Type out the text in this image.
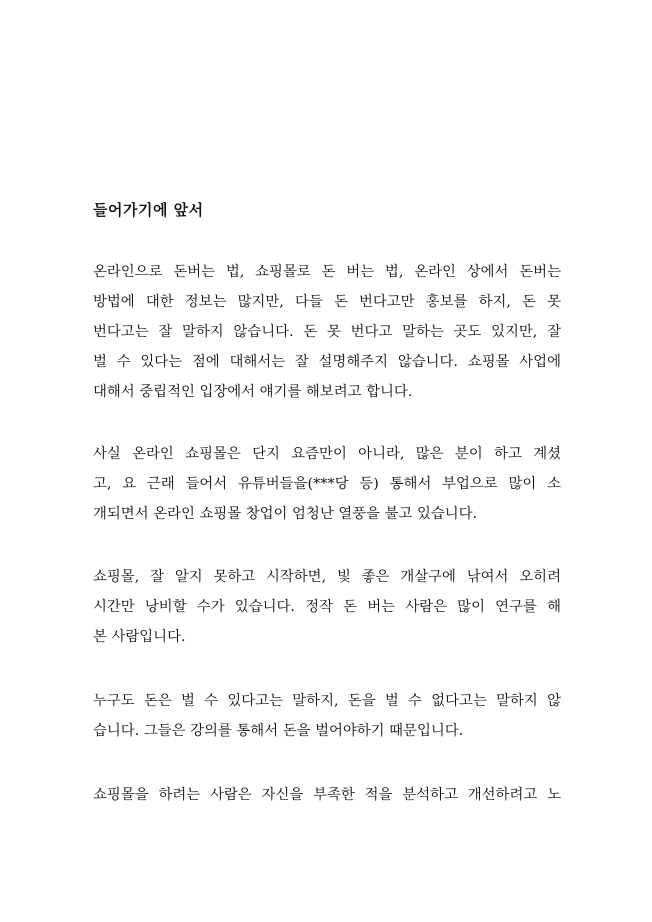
들어가기에 앞서
온라인으로 돈버는 법, 쇼핑몰로 돈 버는 법, 온라인 상에서 돈버는
방법에 대한 정보는 많지만, 다들 돈 번다고만 홍보를 하지, 돈 못
번다고는 잘 말하지 않습니다. 돈 못 번다고 말하는 곳도 있지만, 잘
벌 수 있다는 점에 대해서는 잘 설명해주지 않습니다. 쇼핑몰 사업에
대해서 중립적인 입장에서 얘기를 해보려고 합니다.
사실 온라인 쇼핑몰은 단지 요즘만이 아니라, 많은 분이 하고 계셨
고, 요 근래 들어서 유튜버들을(***당 등) 통해서 부업으로 많이 소
개되면서 온라인 쇼핑몰 창업이 엄청난 열풍을 불고 있습니다.
쇼핑몰, 잘 알지 못하고 시작하면, 빛 좋은 개살구에 낚여서 오히려
시간만 낭비할 수가 있습니다. 정작 돈 버는 사람은 많이 연구를 해
본 사람입니다.
누구도 돈은 벌 수 있다고는 말하지, 돈을 벌 수 없다고는 말하지 않
습니다. 그들은 강의를 통해서 돈을 벌어야하기 때문입니다.
쇼핑몰을 하려는 사람은 자신을 부족한 적을 분석하고 개선하려고 노
